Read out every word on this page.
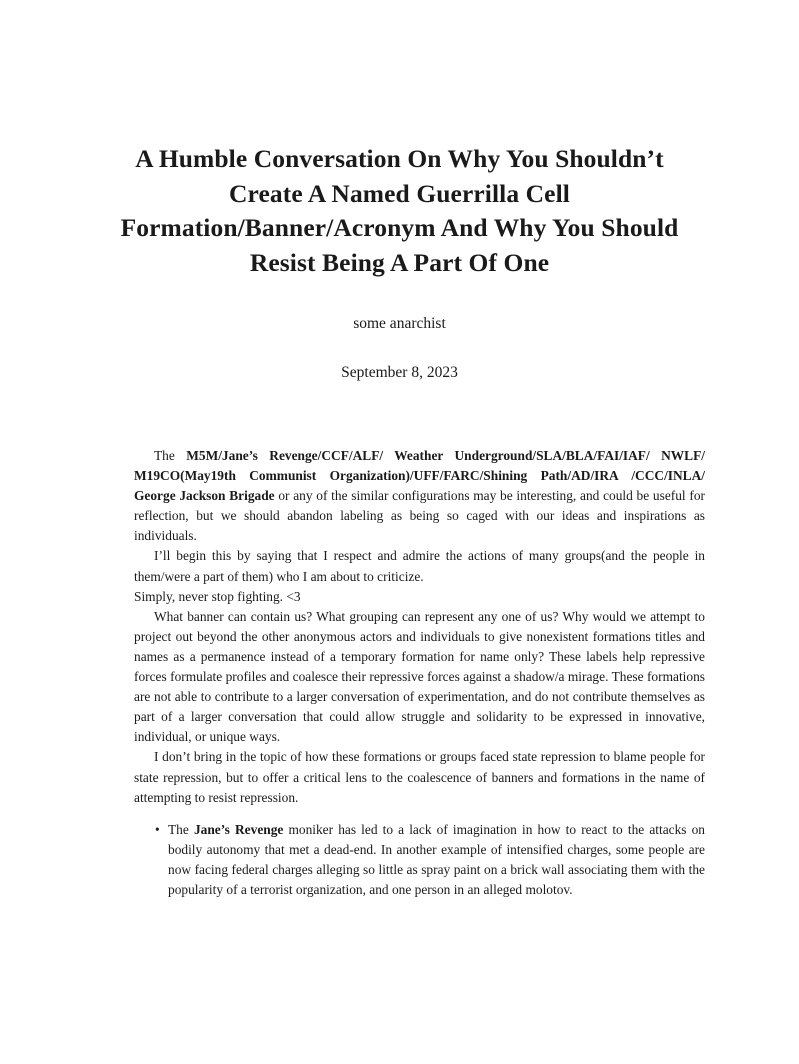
A Humble Conversation On Why You Shouldn’t Create A Named Guerrilla Cell Formation/Banner/Acronym And Why You Should Resist Being A Part Of One
some anarchist
September 8, 2023

The M5M/Jane’s Revenge/CCF/ALF/ Weather Underground/SLA/BLA/FAI/IAF/ NWLF/ M19CO(May19th Communist Organization)/UFF/FARC/Shining Path/AD/IRA /CCC/INLA/ George Jackson Brigade or any of the similar configurations may be interesting, and could be useful for reflection, but we should abandon labeling as being so caged with our ideas and inspirations as individuals.

I’ll begin this by saying that I respect and admire the actions of many groups(and the people in them/were a part of them) who I am about to criticize.

Simply, never stop fighting. <3

What banner can contain us? What grouping can represent any one of us? Why would we attempt to project out beyond the other anonymous actors and individuals to give nonexistent formations titles and names as a permanence instead of a temporary formation for name only? These labels help repressive forces formulate profiles and coalesce their repressive forces against a shadow/a mirage. These formations are not able to contribute to a larger conversation of experimentation, and do not contribute themselves as part of a larger conversation that could allow struggle and solidarity to be expressed in innovative, individual, or unique ways.

I don’t bring in the topic of how these formations or groups faced state repression to blame people for state repression, but to offer a critical lens to the coalescence of banners and formations in the name of attempting to resist repression.

• The Jane’s Revenge moniker has led to a lack of imagination in how to react to the attacks on bodily autonomy that met a dead-end. In another example of intensified charges, some people are now facing federal charges alleging so little as spray paint on a brick wall associating them with the popularity of a terrorist organization, and one person in an alleged molotov.
